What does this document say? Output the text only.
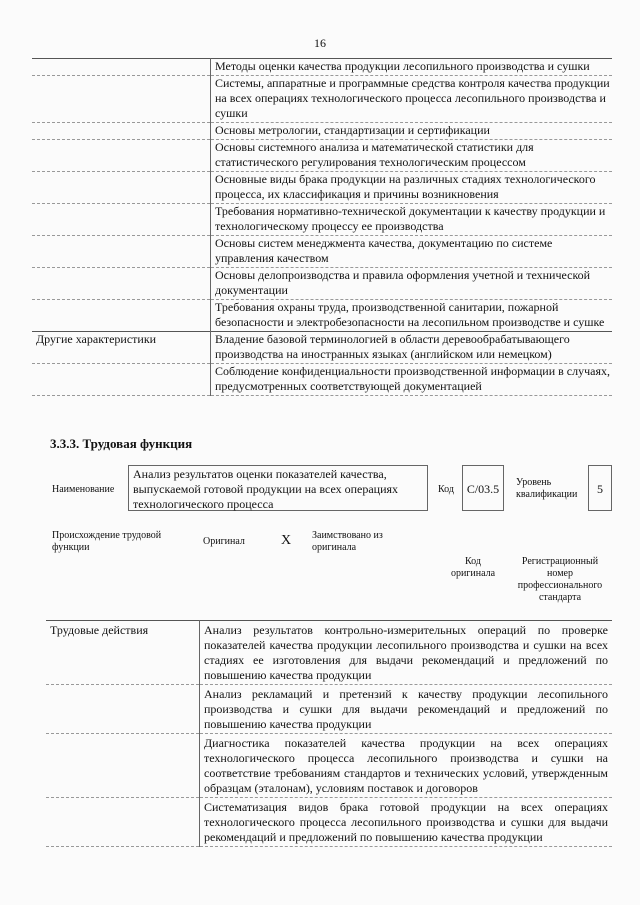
16
	Методы оценки качества продукции лесопильного производства и сушки
	Системы, аппаратные и программные средства контроля качества продукции на всех операциях технологического процесса лесопильного производства и сушки
	Основы метрологии, стандартизации и сертификации
	Основы системного анализа и математической статистики для статистического регулирования технологическим процессом
	Основные виды брака продукции на различных стадиях технологического процесса, их классификация и причины возникновения
	Требования нормативно-технической документации к качеству продукции и технологическому процессу ее производства
	Основы систем менеджмента качества, документацию по системе управления качеством
	Основы делопроизводства и правила оформления учетной и технической документации
	Требования охраны труда, производственной санитарии, пожарной безопасности и электробезопасности на лесопильном производстве и сушке
Другие характеристики	Владение базовой терминологией в области деревообрабатывающего производства на иностранных языках (английском или немецком)
	Соблюдение конфиденциальности производственной информации в случаях, предусмотренных соответствующей документацией
3.3.3. Трудовая функция
Наименование
Анализ результатов оценки показателей качества, выпускаемой готовой продукции на всех операциях технологического процесса
Код	C/03.5	Уровень квалификации	5
Происхождение трудовой функции
Оригинал	X Заимствовано из оригинала
Код оригинала
Регистрационный номер профессионального стандарта
Трудовые действия	Анализ результатов контрольно-измерительных операций по проверке показателей качества продукции лесопильного производства и сушки на всех стадиях ее изготовления для выдачи рекомендаций и предложений по повышению качества продукции
	Анализ рекламаций и претензий к качеству продукции лесопильного производства и сушки для выдачи рекомендаций и предложений по повышению качества продукции
	Диагностика показателей качества продукции на всех операциях технологического процесса лесопильного производства и сушки на соответствие требованиям стандартов и технических условий, утвержденным образцам (эталонам), условиям поставок и договоров
	Систематизация видов брака готовой продукции на всех операциях технологического процесса лесопильного производства и сушки для выдачи рекомендаций и предложений по повышению качества продукции
